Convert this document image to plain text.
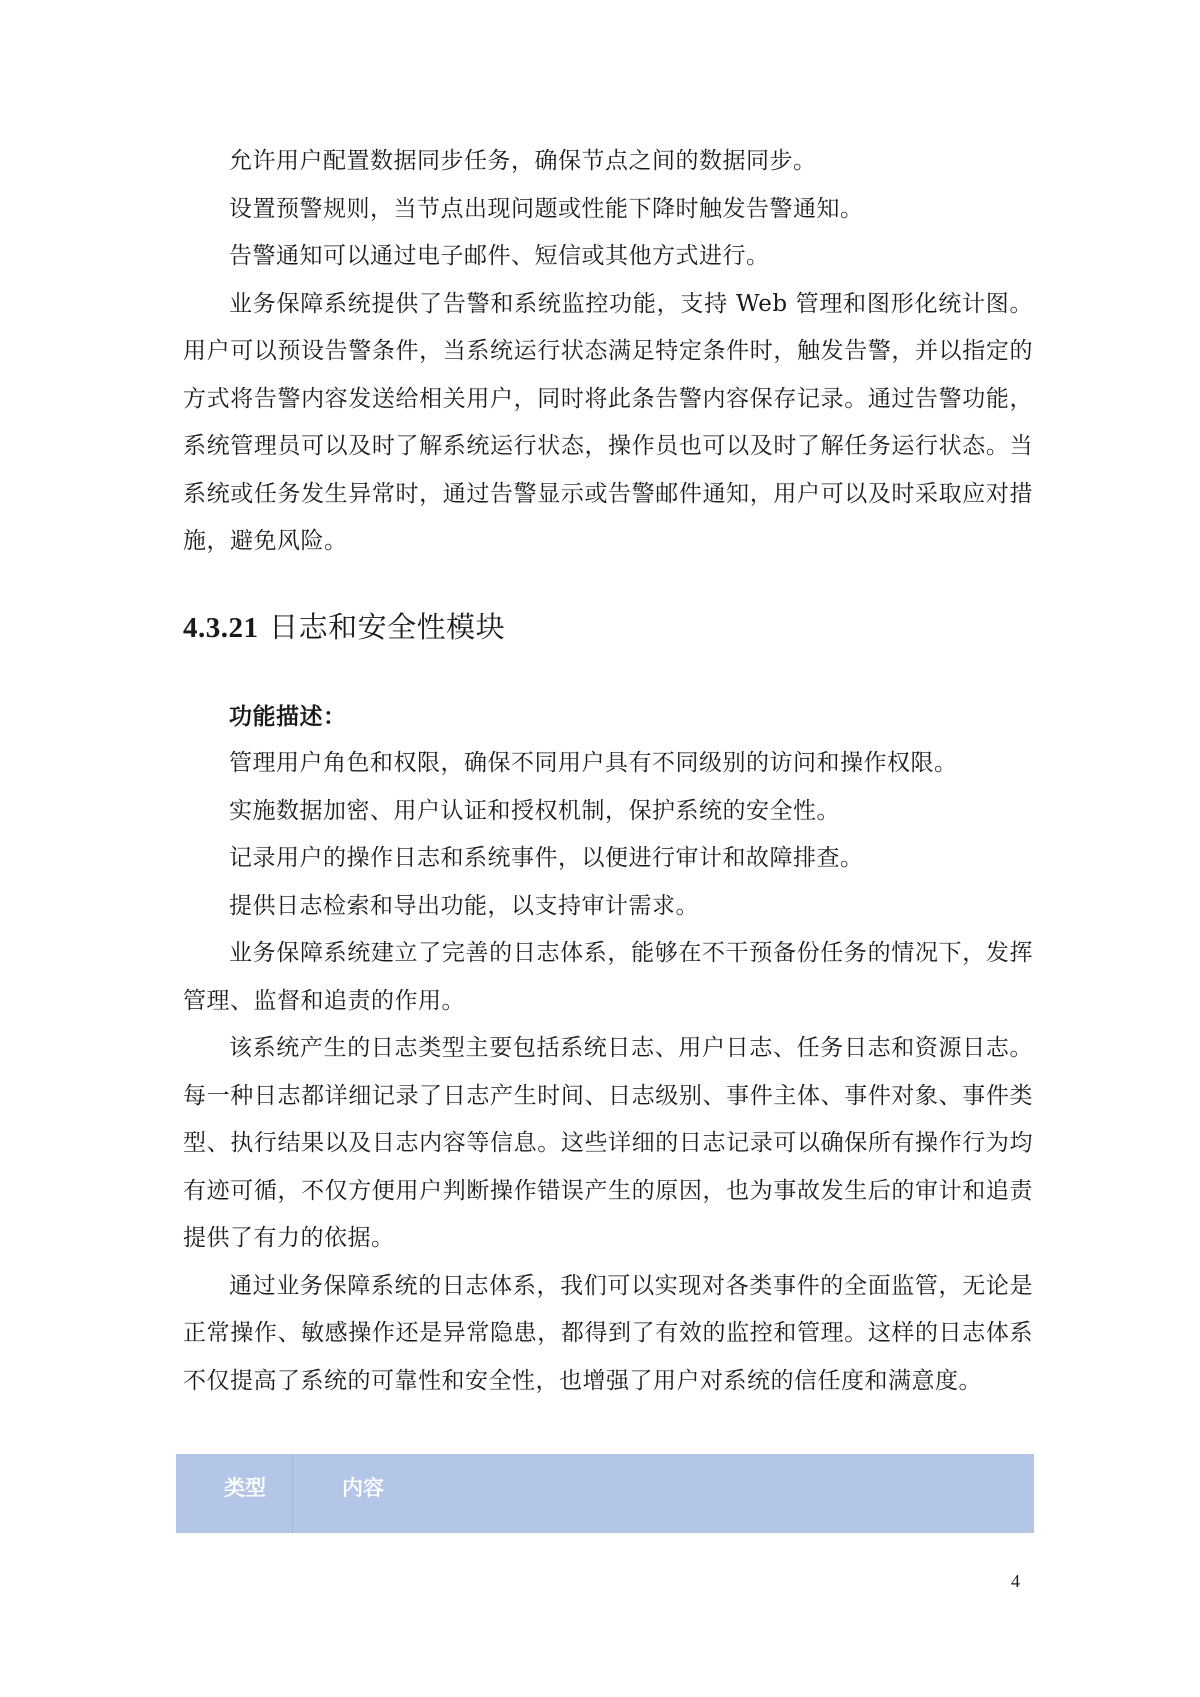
允许用户配置数据同步任务，确保节点之间的数据同步。

设置预警规则，当节点出现问题或性能下降时触发告警通知。

告警通知可以通过电子邮件、短信或其他方式进行。

业务保障系统提供了告警和系统监控功能，支持 Web 管理和图形化统计图。用户可以预设告警条件，当系统运行状态满足特定条件时，触发告警，并以指定的方式将告警内容发送给相关用户，同时将此条告警内容保存记录。通过告警功能，系统管理员可以及时了解系统运行状态，操作员也可以及时了解任务运行状态。当系统或任务发生异常时，通过告警显示或告警邮件通知，用户可以及时采取应对措施，避免风险。

4.3.21 日志和安全性模块

功能描述：

管理用户角色和权限，确保不同用户具有不同级别的访问和操作权限。

实施数据加密、用户认证和授权机制，保护系统的安全性。

记录用户的操作日志和系统事件，以便进行审计和故障排查。

提供日志检索和导出功能，以支持审计需求。

业务保障系统建立了完善的日志体系，能够在不干预备份任务的情况下，发挥管理、监督和追责的作用。

该系统产生的日志类型主要包括系统日志、用户日志、任务日志和资源日志。每一种日志都详细记录了日志产生时间、日志级别、事件主体、事件对象、事件类型、执行结果以及日志内容等信息。这些详细的日志记录可以确保所有操作行为均有迹可循，不仅方便用户判断操作错误产生的原因，也为事故发生后的审计和追责提供了有力的依据。

通过业务保障系统的日志体系，我们可以实现对各类事件的全面监管，无论是正常操作、敏感操作还是异常隐患，都得到了有效的监控和管理。这样的日志体系不仅提高了系统的可靠性和安全性，也增强了用户对系统的信任度和满意度。

类型	内容
4
